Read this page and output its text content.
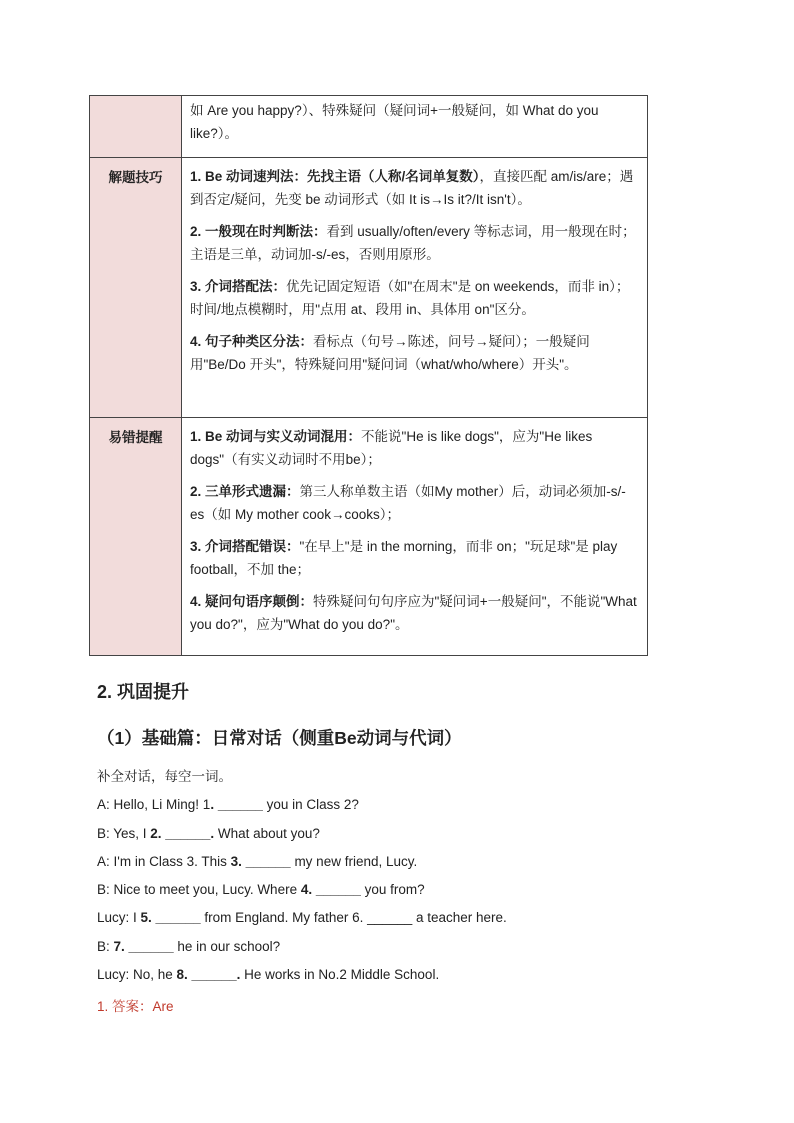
	如 Are you happy?）、特殊疑问（疑问词+一般疑问，如 What do you like?）。

解题技巧	1. Be 动词速判法：先找主语（人称/名词单复数），直接匹配 am/is/are；遇到否定/疑问，先变 be 动词形式（如 It is→Is it?/It isn't）。

2. 一般现在时判断法：看到 usually/often/every 等标志词，用一般现在时；主语是三单，动词加-s/-es，否则用原形。

3. 介词搭配法：优先记固定短语（如"在周末"是 on weekends，而非 in）；时间/地点模糊时，用"点用 at、段用 in、具体用 on"区分。

4. 句子种类区分法：看标点（句号→陈述，问号→疑问）；一般疑问用"Be/Do 开头"，特殊疑问用"疑问词（what/who/where）开头"。

易错提醒	1. Be 动词与实义动词混用：不能说"He is like dogs"，应为"He likes dogs"（有实义动词时不用be）；

2. 三单形式遗漏：第三人称单数主语（如My mother）后，动词必须加-s/-es（如 My mother cook→cooks）；

3. 介词搭配错误："在早上"是 in the morning，而非 on；"玩足球"是 play football，不加 the；

4. 疑问句语序颠倒：特殊疑问句句序应为"疑问词+一般疑问"，不能说"What you do?"，应为"What do you do?"。

2. 巩固提升
（1）基础篇：日常对话（侧重Be动词与代词）
补全对话，每空一词。
A: Hello, Li Ming! 1. ______ you in Class 2?
B: Yes, I 2. ______. What about you?
A: I'm in Class 3. This 3. ______ my new friend, Lucy.
B: Nice to meet you, Lucy. Where 4. ______ you from?
Lucy: I 5. ______ from England. My father 6. ______ a teacher here.
B: 7. ______ he in our school?
Lucy: No, he 8. ______. He works in No.2 Middle School.
1. 答案：Are
